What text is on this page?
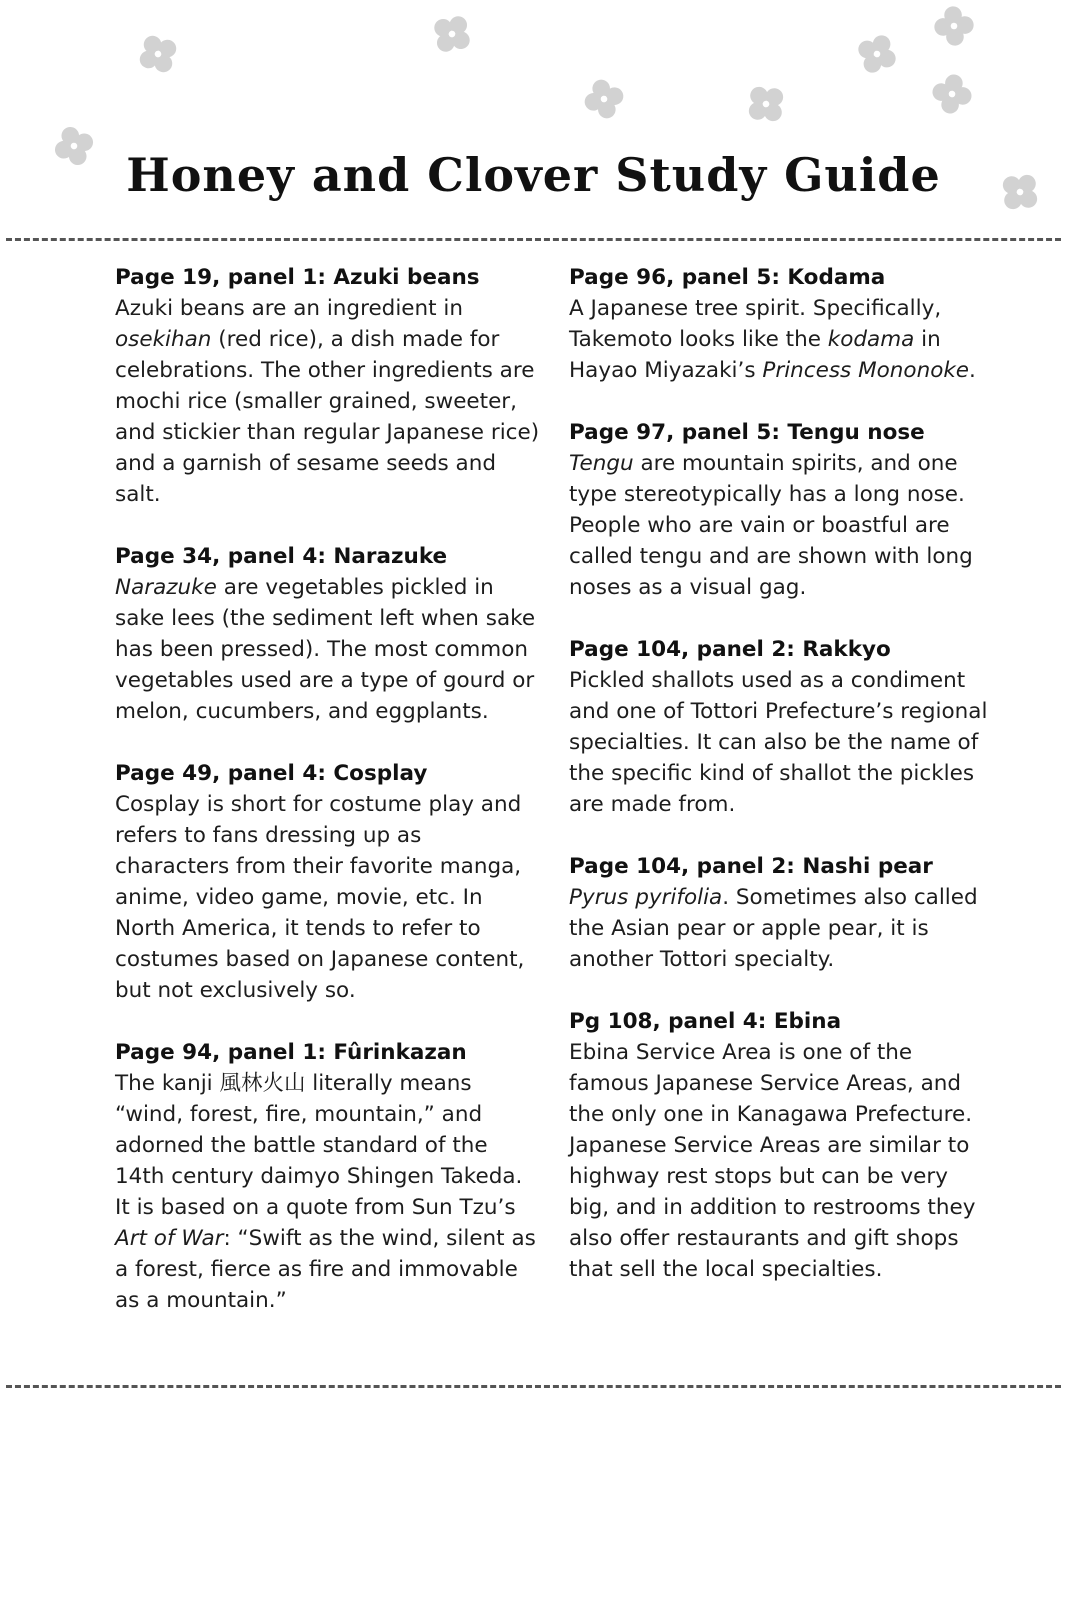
Honey and Clover Study Guide
Page 19, panel 1: Azuki beans
Azuki beans are an ingredient in osekihan (red rice), a dish made for celebrations. The other ingredients are mochi rice (smaller grained, sweeter, and stickier than regular Japanese rice) and a garnish of sesame seeds and salt.
Page 34, panel 4: Narazuke
Narazuke are vegetables pickled in sake lees (the sediment left when sake has been pressed). The most common vegetables used are a type of gourd or melon, cucumbers, and eggplants.
Page 49, panel 4: Cosplay
Cosplay is short for costume play and refers to fans dressing up as characters from their favorite manga, anime, video game, movie, etc. In North America, it tends to refer to costumes based on Japanese content, but not exclusively so.
Page 94, panel 1: Fûrinkazan
The kanji 風林火山 literally means “wind, forest, fire, mountain,” and adorned the battle standard of the 14th century daimyo Shingen Takeda. It is based on a quote from Sun Tzu’s Art of War: “Swift as the wind, silent as a forest, fierce as fire and immovable as a mountain.”
Page 96, panel 5: Kodama
A Japanese tree spirit. Specifically, Takemoto looks like the kodama in Hayao Miyazaki’s Princess Mononoke.
Page 97, panel 5: Tengu nose
Tengu are mountain spirits, and one type stereotypically has a long nose. People who are vain or boastful are called tengu and are shown with long noses as a visual gag.
Page 104, panel 2: Rakkyo
Pickled shallots used as a condiment and one of Tottori Prefecture’s regional specialties. It can also be the name of the specific kind of shallot the pickles are made from.
Page 104, panel 2: Nashi pear
Pyrus pyrifolia. Sometimes also called the Asian pear or apple pear, it is another Tottori specialty.
Pg 108, panel 4: Ebina
Ebina Service Area is one of the famous Japanese Service Areas, and the only one in Kanagawa Prefecture. Japanese Service Areas are similar to highway rest stops but can be very big, and in addition to restrooms they also offer restaurants and gift shops that sell the local specialties.
